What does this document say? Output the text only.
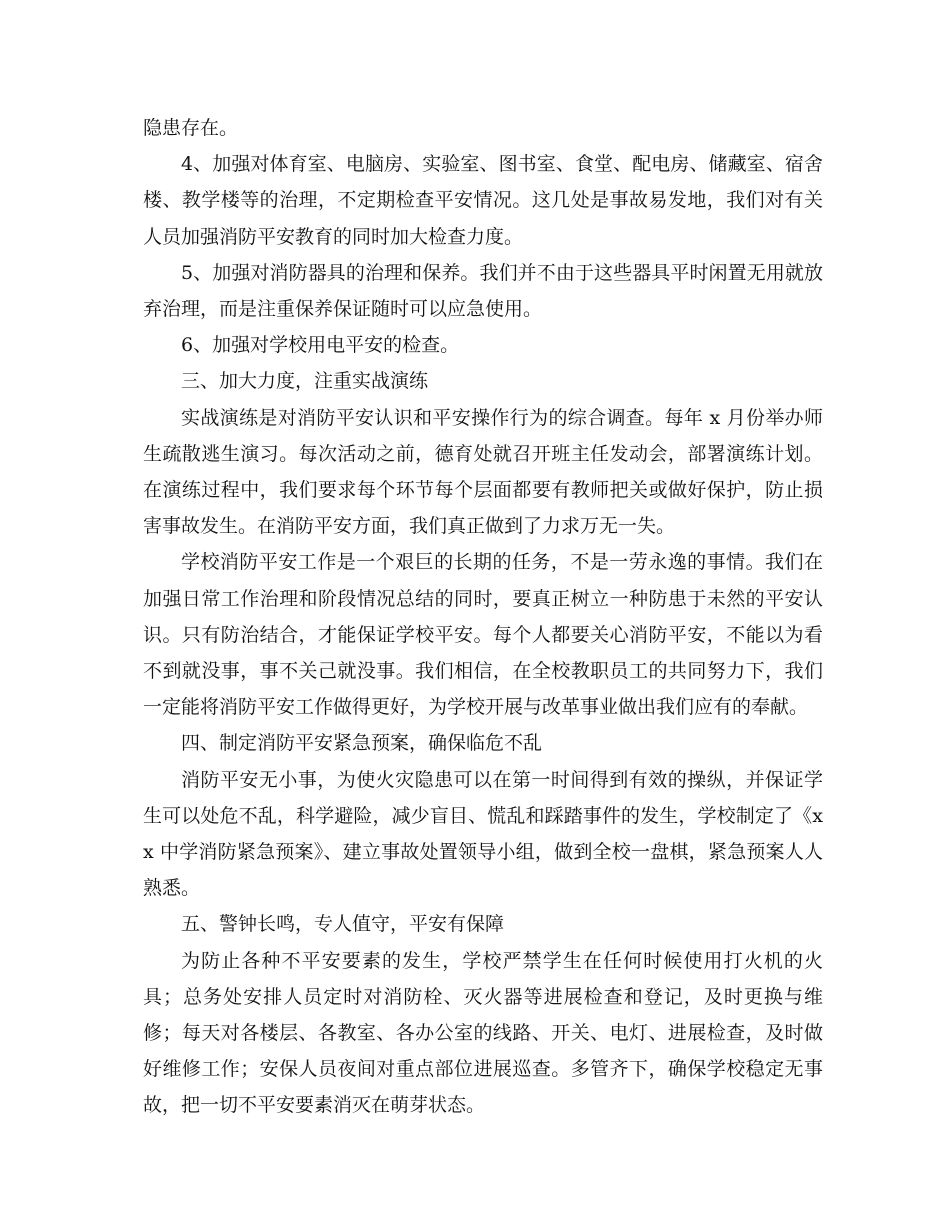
隐患存在。

4、加强对体育室、电脑房、实验室、图书室、食堂、配电房、储藏室、宿舍楼、教学楼等的治理，不定期检查平安情况。这几处是事故易发地，我们对有关人员加强消防平安教育的同时加大检查力度。

5、加强对消防器具的治理和保养。我们并不由于这些器具平时闲置无用就放弃治理，而是注重保养保证随时可以应急使用。

6、加强对学校用电平安的检查。

三、加大力度，注重实战演练

实战演练是对消防平安认识和平安操作行为的综合调查。每年 x 月份举办师生疏散逃生演习。每次活动之前，德育处就召开班主任发动会，部署演练计划。在演练过程中，我们要求每个环节每个层面都要有教师把关或做好保护，防止损害事故发生。在消防平安方面，我们真正做到了力求万无一失。

学校消防平安工作是一个艰巨的长期的任务，不是一劳永逸的事情。我们在加强日常工作治理和阶段情况总结的同时，要真正树立一种防患于未然的平安认识。只有防治结合，才能保证学校平安。每个人都要关心消防平安，不能以为看不到就没事，事不关己就没事。我们相信，在全校教职员工的共同努力下，我们一定能将消防平安工作做得更好，为学校开展与改革事业做出我们应有的奉献。

四、制定消防平安紧急预案，确保临危不乱

消防平安无小事，为使火灾隐患可以在第一时间得到有效的操纵，并保证学生可以处危不乱，科学避险，减少盲目、慌乱和踩踏事件的发生，学校制定了《xx 中学消防紧急预案》、建立事故处置领导小组，做到全校一盘棋，紧急预案人人熟悉。

五、警钟长鸣，专人值守，平安有保障

为防止各种不平安要素的发生，学校严禁学生在任何时候使用打火机的火具；总务处安排人员定时对消防栓、灭火器等进展检查和登记，及时更换与维修；每天对各楼层、各教室、各办公室的线路、开关、电灯、进展检查，及时做好维修工作；安保人员夜间对重点部位进展巡查。多管齐下，确保学校稳定无事故，把一切不平安要素消灭在萌芽状态。
